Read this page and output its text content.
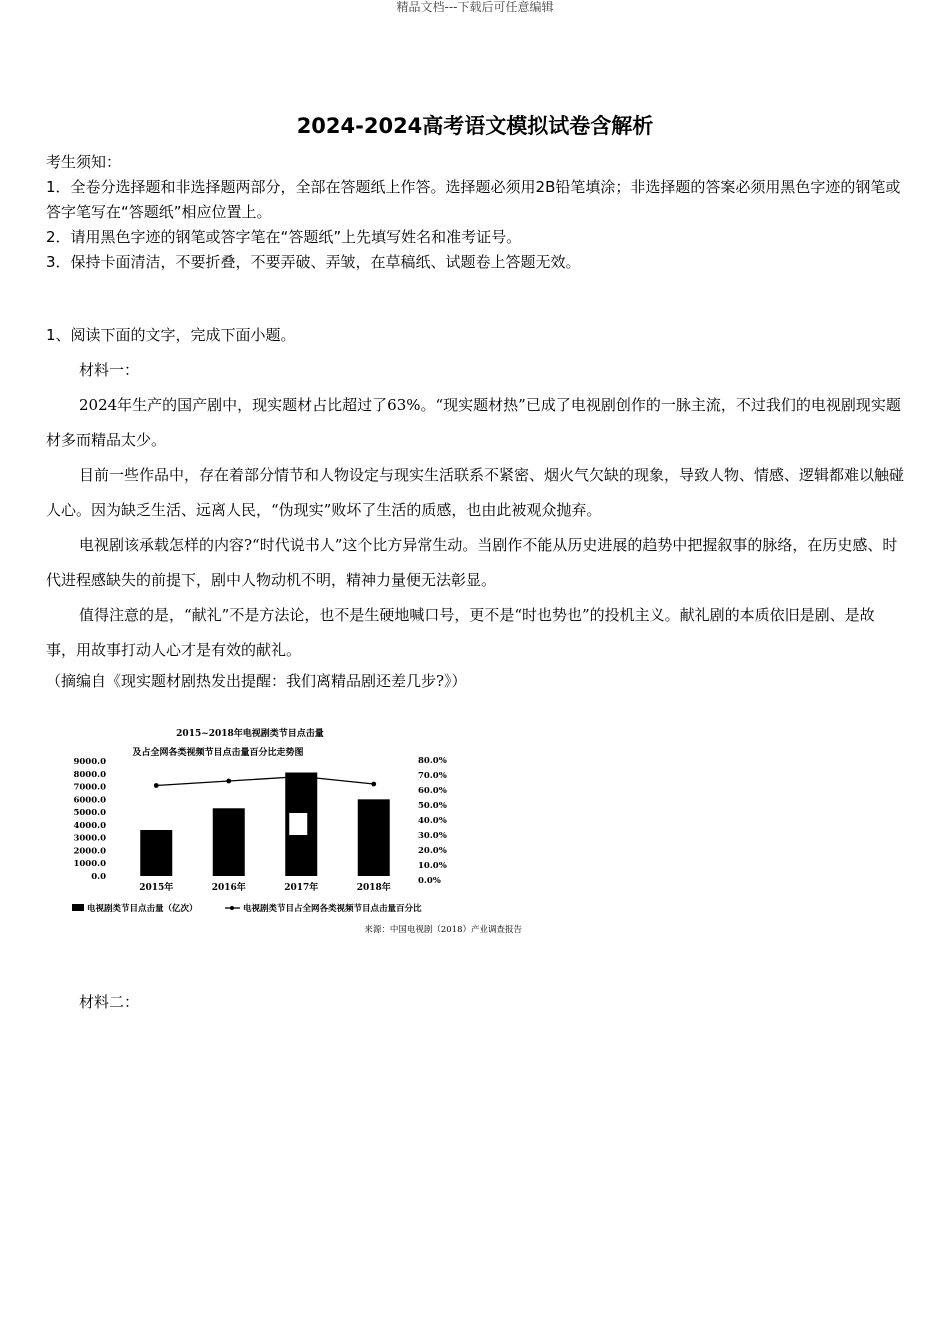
精品文档---下载后可任意编辑
2024-2024高考语文模拟试卷含解析

考生须知：

1．全卷分选择题和非选择题两部分，全部在答题纸上作答。选择题必须用2B铅笔填涂；非选择题的答案必须用黑色字迹的钢笔或答字笔写在“答题纸”相应位置上。

2．请用黑色字迹的钢笔或答字笔在“答题纸”上先填写姓名和准考证号。

3．保持卡面清洁，不要折叠，不要弄破、弄皱，在草稿纸、试题卷上答题无效。

1、阅读下面的文字，完成下面小题。

材料一：

2024年生产的国产剧中，现实题材占比超过了63%。“现实题材热”已成了电视剧创作的一脉主流，不过我们的电视剧现实题材多而精品太少。

目前一些作品中，存在着部分情节和人物设定与现实生活联系不紧密、烟火气欠缺的现象，导致人物、情感、逻辑都难以触碰人心。因为缺乏生活、远离人民，“伪现实”败坏了生活的质感，也由此被观众抛弃。

电视剧该承载怎样的内容?“时代说书人”这个比方异常生动。当剧作不能从历史进展的趋势中把握叙事的脉络，在历史感、时代进程感缺失的前提下，剧中人物动机不明，精神力量便无法彰显。

值得注意的是，“献礼”不是方法论，也不是生硬地喊口号，更不是“时也势也”的投机主义。献礼剧的本质依旧是剧、是故事，用故事打动人心才是有效的献礼。

（摘编自《现实题材剧热发出提醒：我们离精品剧还差几步?》）

2015~2018年电视剧类节目点击量
及占全网各类视频节目点击量百分比走势图
9000.0
8000.0
7000.0
6000.0
5000.0
4000.0
3000.0
2000.0
1000.0
0.0
80.0%
70.0%
60.0%
50.0%
40.0%
30.0%
20.0%
10.0%
0.0%
2015年	2016年	2017年	2018年
电视剧类节目点击量（亿次）	电视剧类节目占全网各类视频节目点击量百分比
来源：中国电视剧（2018）产业调查报告

材料二：
